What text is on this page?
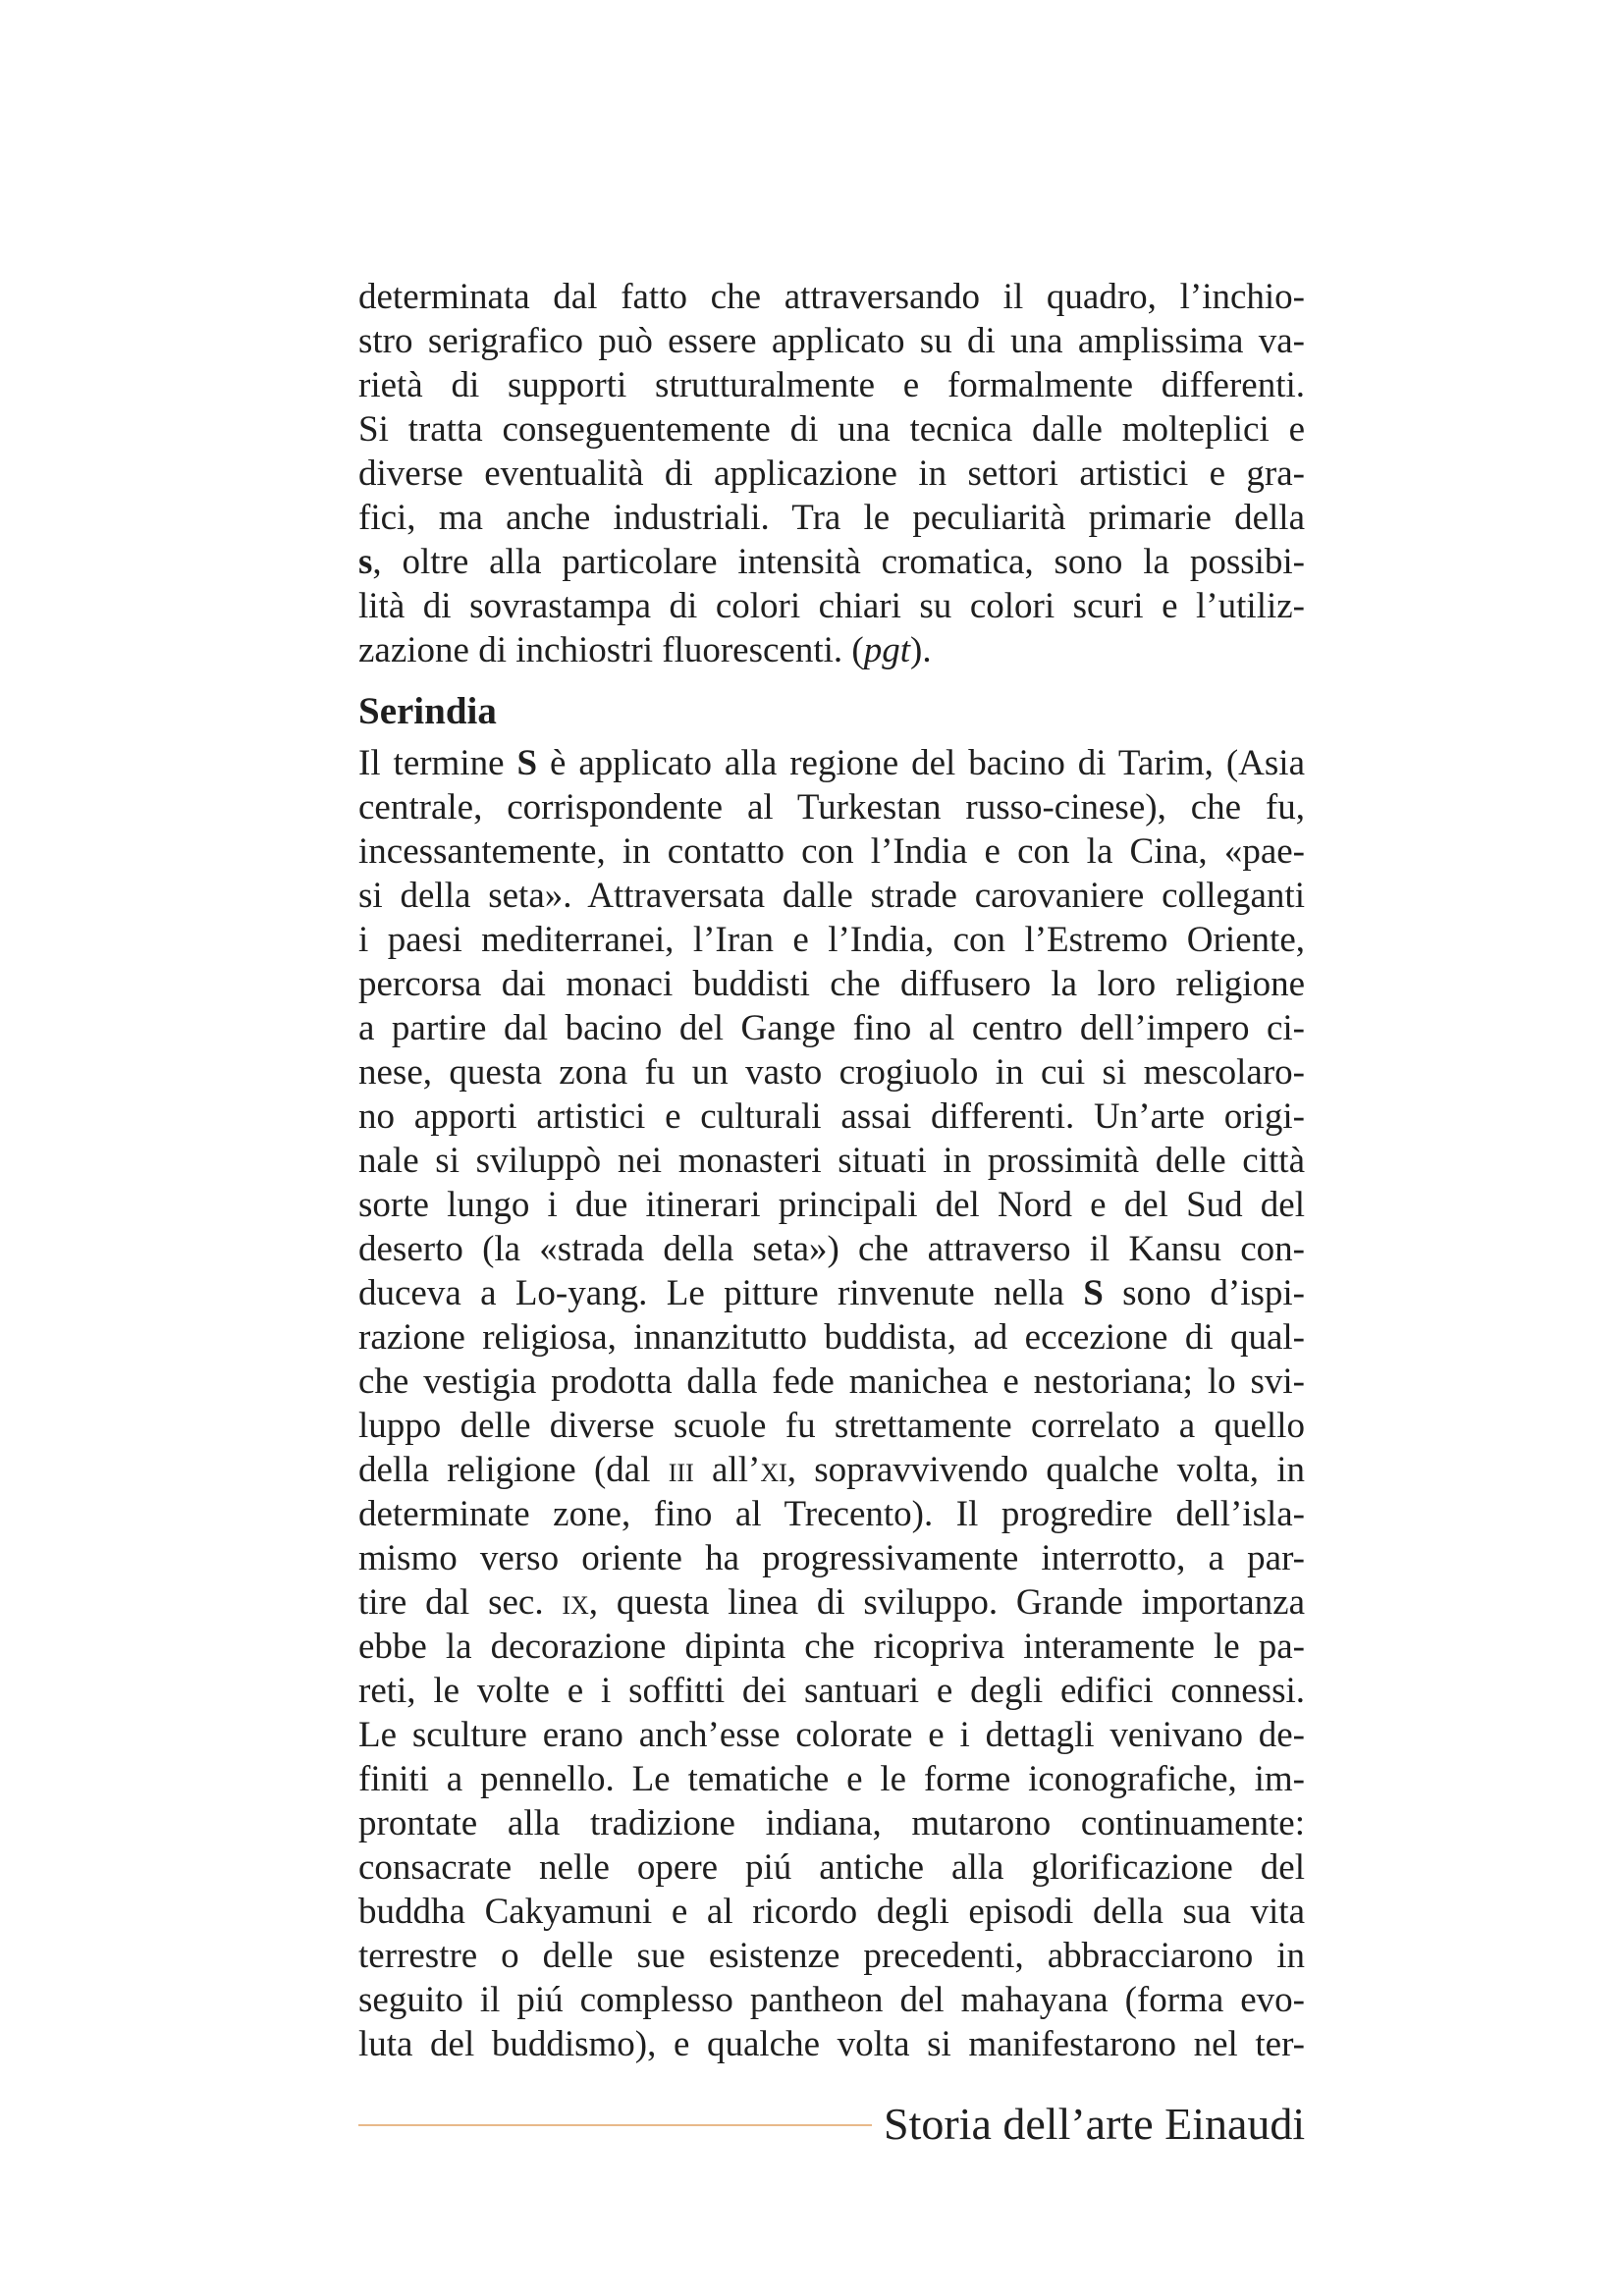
determinata dal fatto che attraversando il quadro, l’inchio-
stro serigrafico può essere applicato su di una amplissima va-
rietà di supporti strutturalmente e formalmente differenti.
Si tratta conseguentemente di una tecnica dalle molteplici e
diverse eventualità di applicazione in settori artistici e gra-
fici, ma anche industriali. Tra le peculiarità primarie della
s, oltre alla particolare intensità cromatica, sono la possibi-
lità di sovrastampa di colori chiari su colori scuri e l’utiliz-
zazione di inchiostri fluorescenti. (pgt).
Serindia
Il termine S è applicato alla regione del bacino di Tarim, (Asia
centrale, corrispondente al Turkestan russo-cinese), che fu,
incessantemente, in contatto con l’India e con la Cina, «pae-
si della seta». Attraversata dalle strade carovaniere colleganti
i paesi mediterranei, l’Iran e l’India, con l’Estremo Oriente,
percorsa dai monaci buddisti che diffusero la loro religione
a partire dal bacino del Gange fino al centro dell’impero ci-
nese, questa zona fu un vasto crogiuolo in cui si mescolaro-
no apporti artistici e culturali assai differenti. Un’arte origi-
nale si sviluppò nei monasteri situati in prossimità delle città
sorte lungo i due itinerari principali del Nord e del Sud del
deserto (la «strada della seta») che attraverso il Kansu con-
duceva a Lo-yang. Le pitture rinvenute nella S sono d’ispi-
razione religiosa, innanzitutto buddista, ad eccezione di qual-
che vestigia prodotta dalla fede manichea e nestoriana; lo svi-
luppo delle diverse scuole fu strettamente correlato a quello
della religione (dal iii all’xi, sopravvivendo qualche volta, in
determinate zone, fino al Trecento). Il progredire dell’isla-
mismo verso oriente ha progressivamente interrotto, a par-
tire dal sec. ix, questa linea di sviluppo. Grande importanza
ebbe la decorazione dipinta che ricopriva interamente le pa-
reti, le volte e i soffitti dei santuari e degli edifici connessi.
Le sculture erano anch’esse colorate e i dettagli venivano de-
finiti a pennello. Le tematiche e le forme iconografiche, im-
prontate alla tradizione indiana, mutarono continuamente:
consacrate nelle opere piú antiche alla glorificazione del
buddha Cakyamuni e al ricordo degli episodi della sua vita
terrestre o delle sue esistenze precedenti, abbracciarono in
seguito il piú complesso pantheon del mahayana (forma evo-
luta del buddismo), e qualche volta si manifestarono nel ter-
Storia dell’arte Einaudi
